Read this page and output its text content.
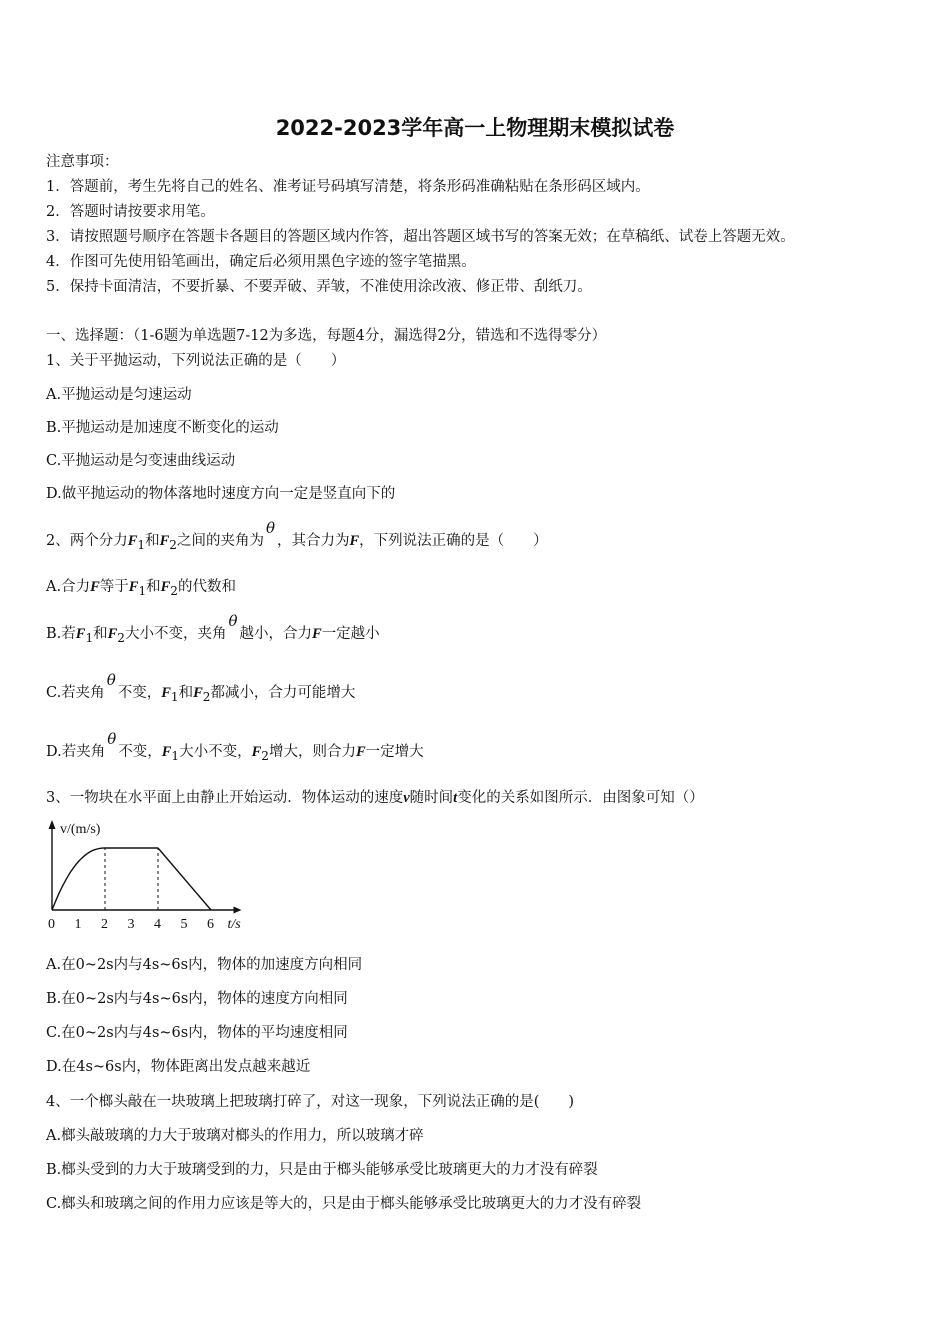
2022-2023学年高一上物理期末模拟试卷
注意事项：
1．答题前，考生先将自己的姓名、准考证号码填写清楚，将条形码准确粘贴在条形码区域内。
2．答题时请按要求用笔。
3．请按照题号顺序在答题卡各题目的答题区域内作答，超出答题区域书写的答案无效；在草稿纸、试卷上答题无效。
4．作图可先使用铅笔画出，确定后必须用黑色字迹的签字笔描黑。
5．保持卡面清洁，不要折暴、不要弄破、弄皱，不准使用涂改液、修正带、刮纸刀。
一、选择题：（1-6题为单选题7-12为多选，每题4分，漏选得2分，错选和不选得零分）
1、关于平抛运动，下列说法正确的是（　　）
A.平抛运动是匀速运动
B.平抛运动是加速度不断变化的运动
C.平抛运动是匀变速曲线运动
D.做平抛运动的物体落地时速度方向一定是竖直向下的
2、两个分力$F_1$和$F_2$之间的夹角为θ，其合力为F，下列说法正确的是（　　）
A.合力F等于$F_1$和$F_2$的代数和
B.若$F_1$和$F_2$大小不变，夹角θ越小，合力F一定越小
C.若夹角θ不变，$F_1$和$F_2$都减小，合力可能增大
D.若夹角θ不变，$F_1$大小不变，$F_2$增大，则合力F一定增大
3、一物块在水平面上由静止开始运动．物体运动的速度v随时间t变化的关系如图所示．由图象可知（）
v/(m/s)
0 1 2 3 4 5 6 t/s
A.在0~2s内与4s~6s内，物体的加速度方向相同
B.在0~2s内与4s~6s内，物体的速度方向相同
C.在0~2s内与4s~6s内，物体的平均速度相同
D.在4s~6s内，物体距离出发点越来越近
4、一个榔头敲在一块玻璃上把玻璃打碎了，对这一现象，下列说法正确的是(　　)
A.榔头敲玻璃的力大于玻璃对榔头的作用力，所以玻璃才碎
B.榔头受到的力大于玻璃受到的力，只是由于榔头能够承受比玻璃更大的力才没有碎裂
C.榔头和玻璃之间的作用力应该是等大的，只是由于榔头能够承受比玻璃更大的力才没有碎裂
